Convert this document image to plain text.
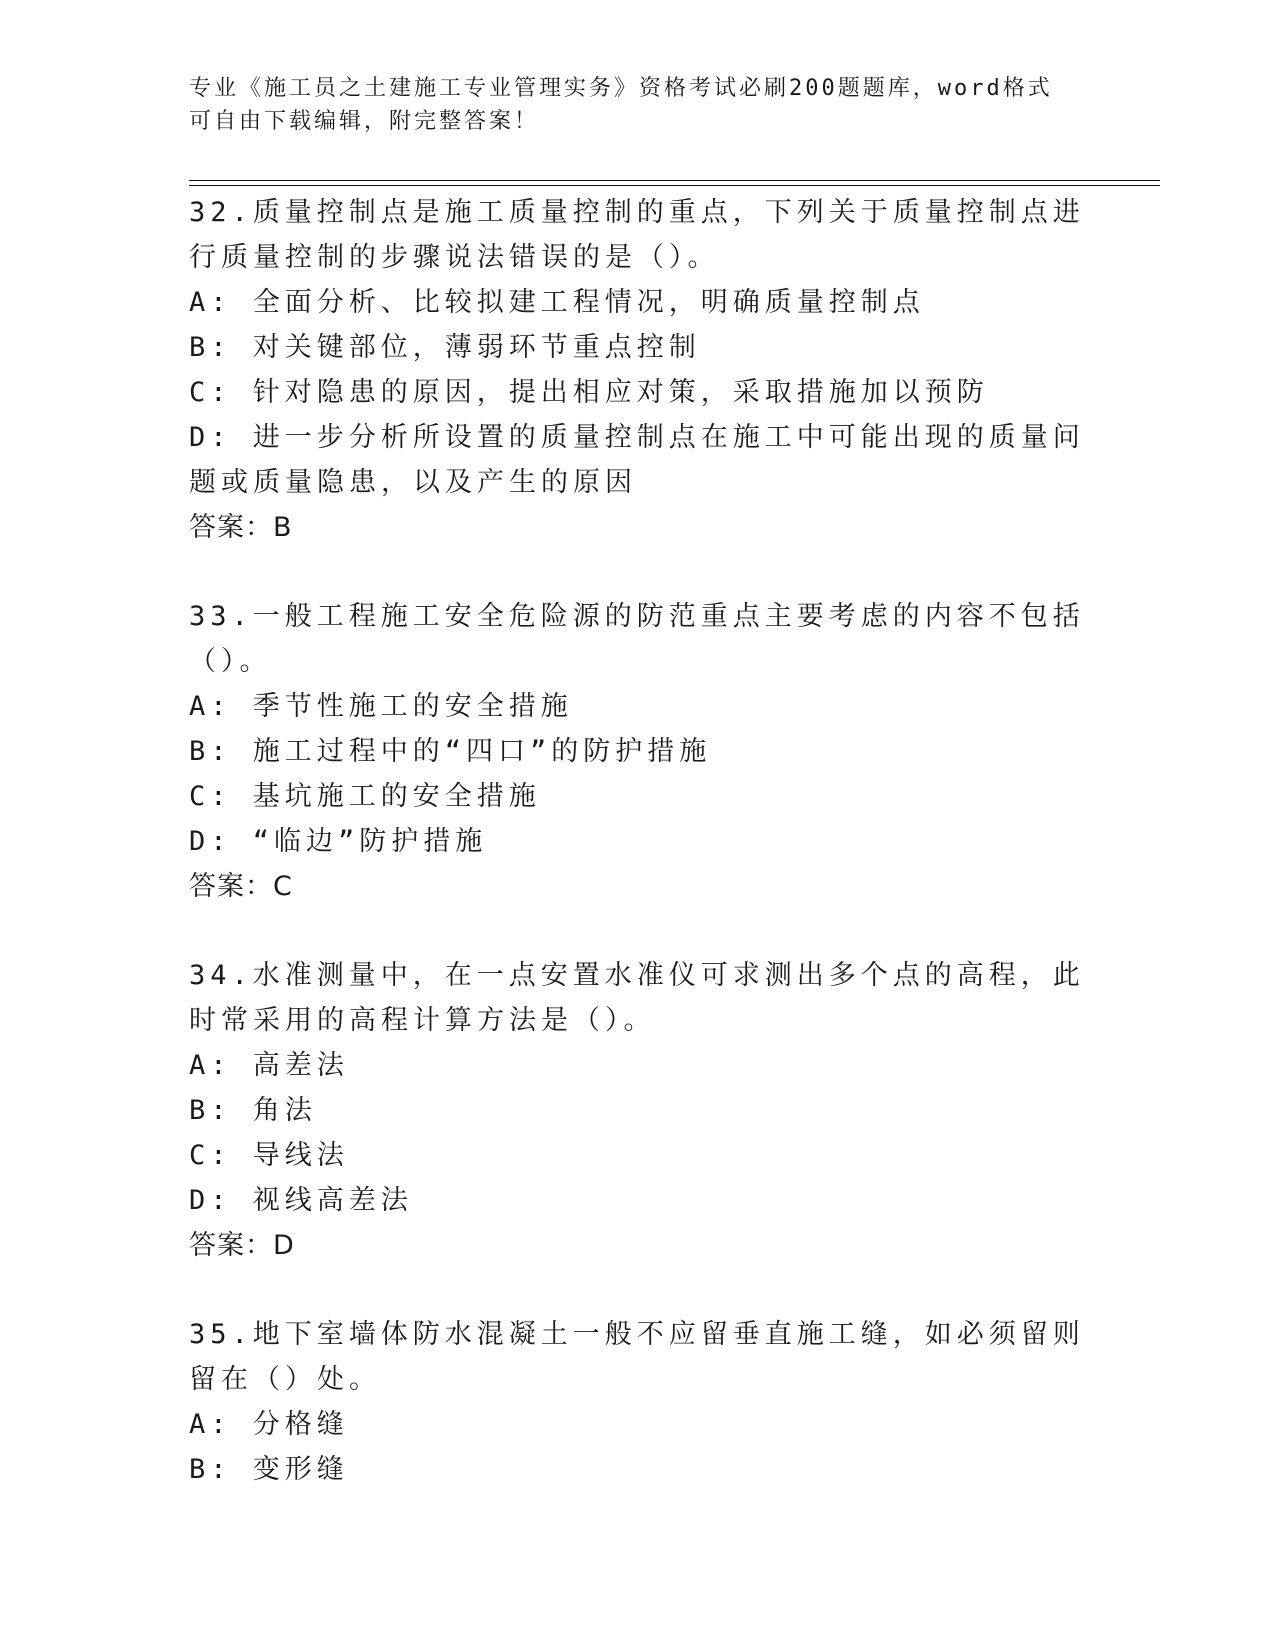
专业《施工员之土建施工专业管理实务》资格考试必刷200题题库，word格式可自由下载编辑，附完整答案！
32.质量控制点是施工质量控制的重点，下列关于质量控制点进行质量控制的步骤说法错误的是（）。
A: 全面分析、比较拟建工程情况，明确质量控制点
B: 对关键部位，薄弱环节重点控制
C: 针对隐患的原因，提出相应对策，采取措施加以预防
D: 进一步分析所设置的质量控制点在施工中可能出现的质量问题或质量隐患，以及产生的原因
答案：B
33.一般工程施工安全危险源的防范重点主要考虑的内容不包括（）。
A: 季节性施工的安全措施
B: 施工过程中的“四口”的防护措施
C: 基坑施工的安全措施
D: “临边”防护措施
答案：C
34.水准测量中，在一点安置水准仪可求测出多个点的高程，此时常采用的高程计算方法是（）。
A: 高差法
B: 角法
C: 导线法
D: 视线高差法
答案：D
35.地下室墙体防水混凝土一般不应留垂直施工缝，如必须留则留在（）处。
A: 分格缝
B: 变形缝
